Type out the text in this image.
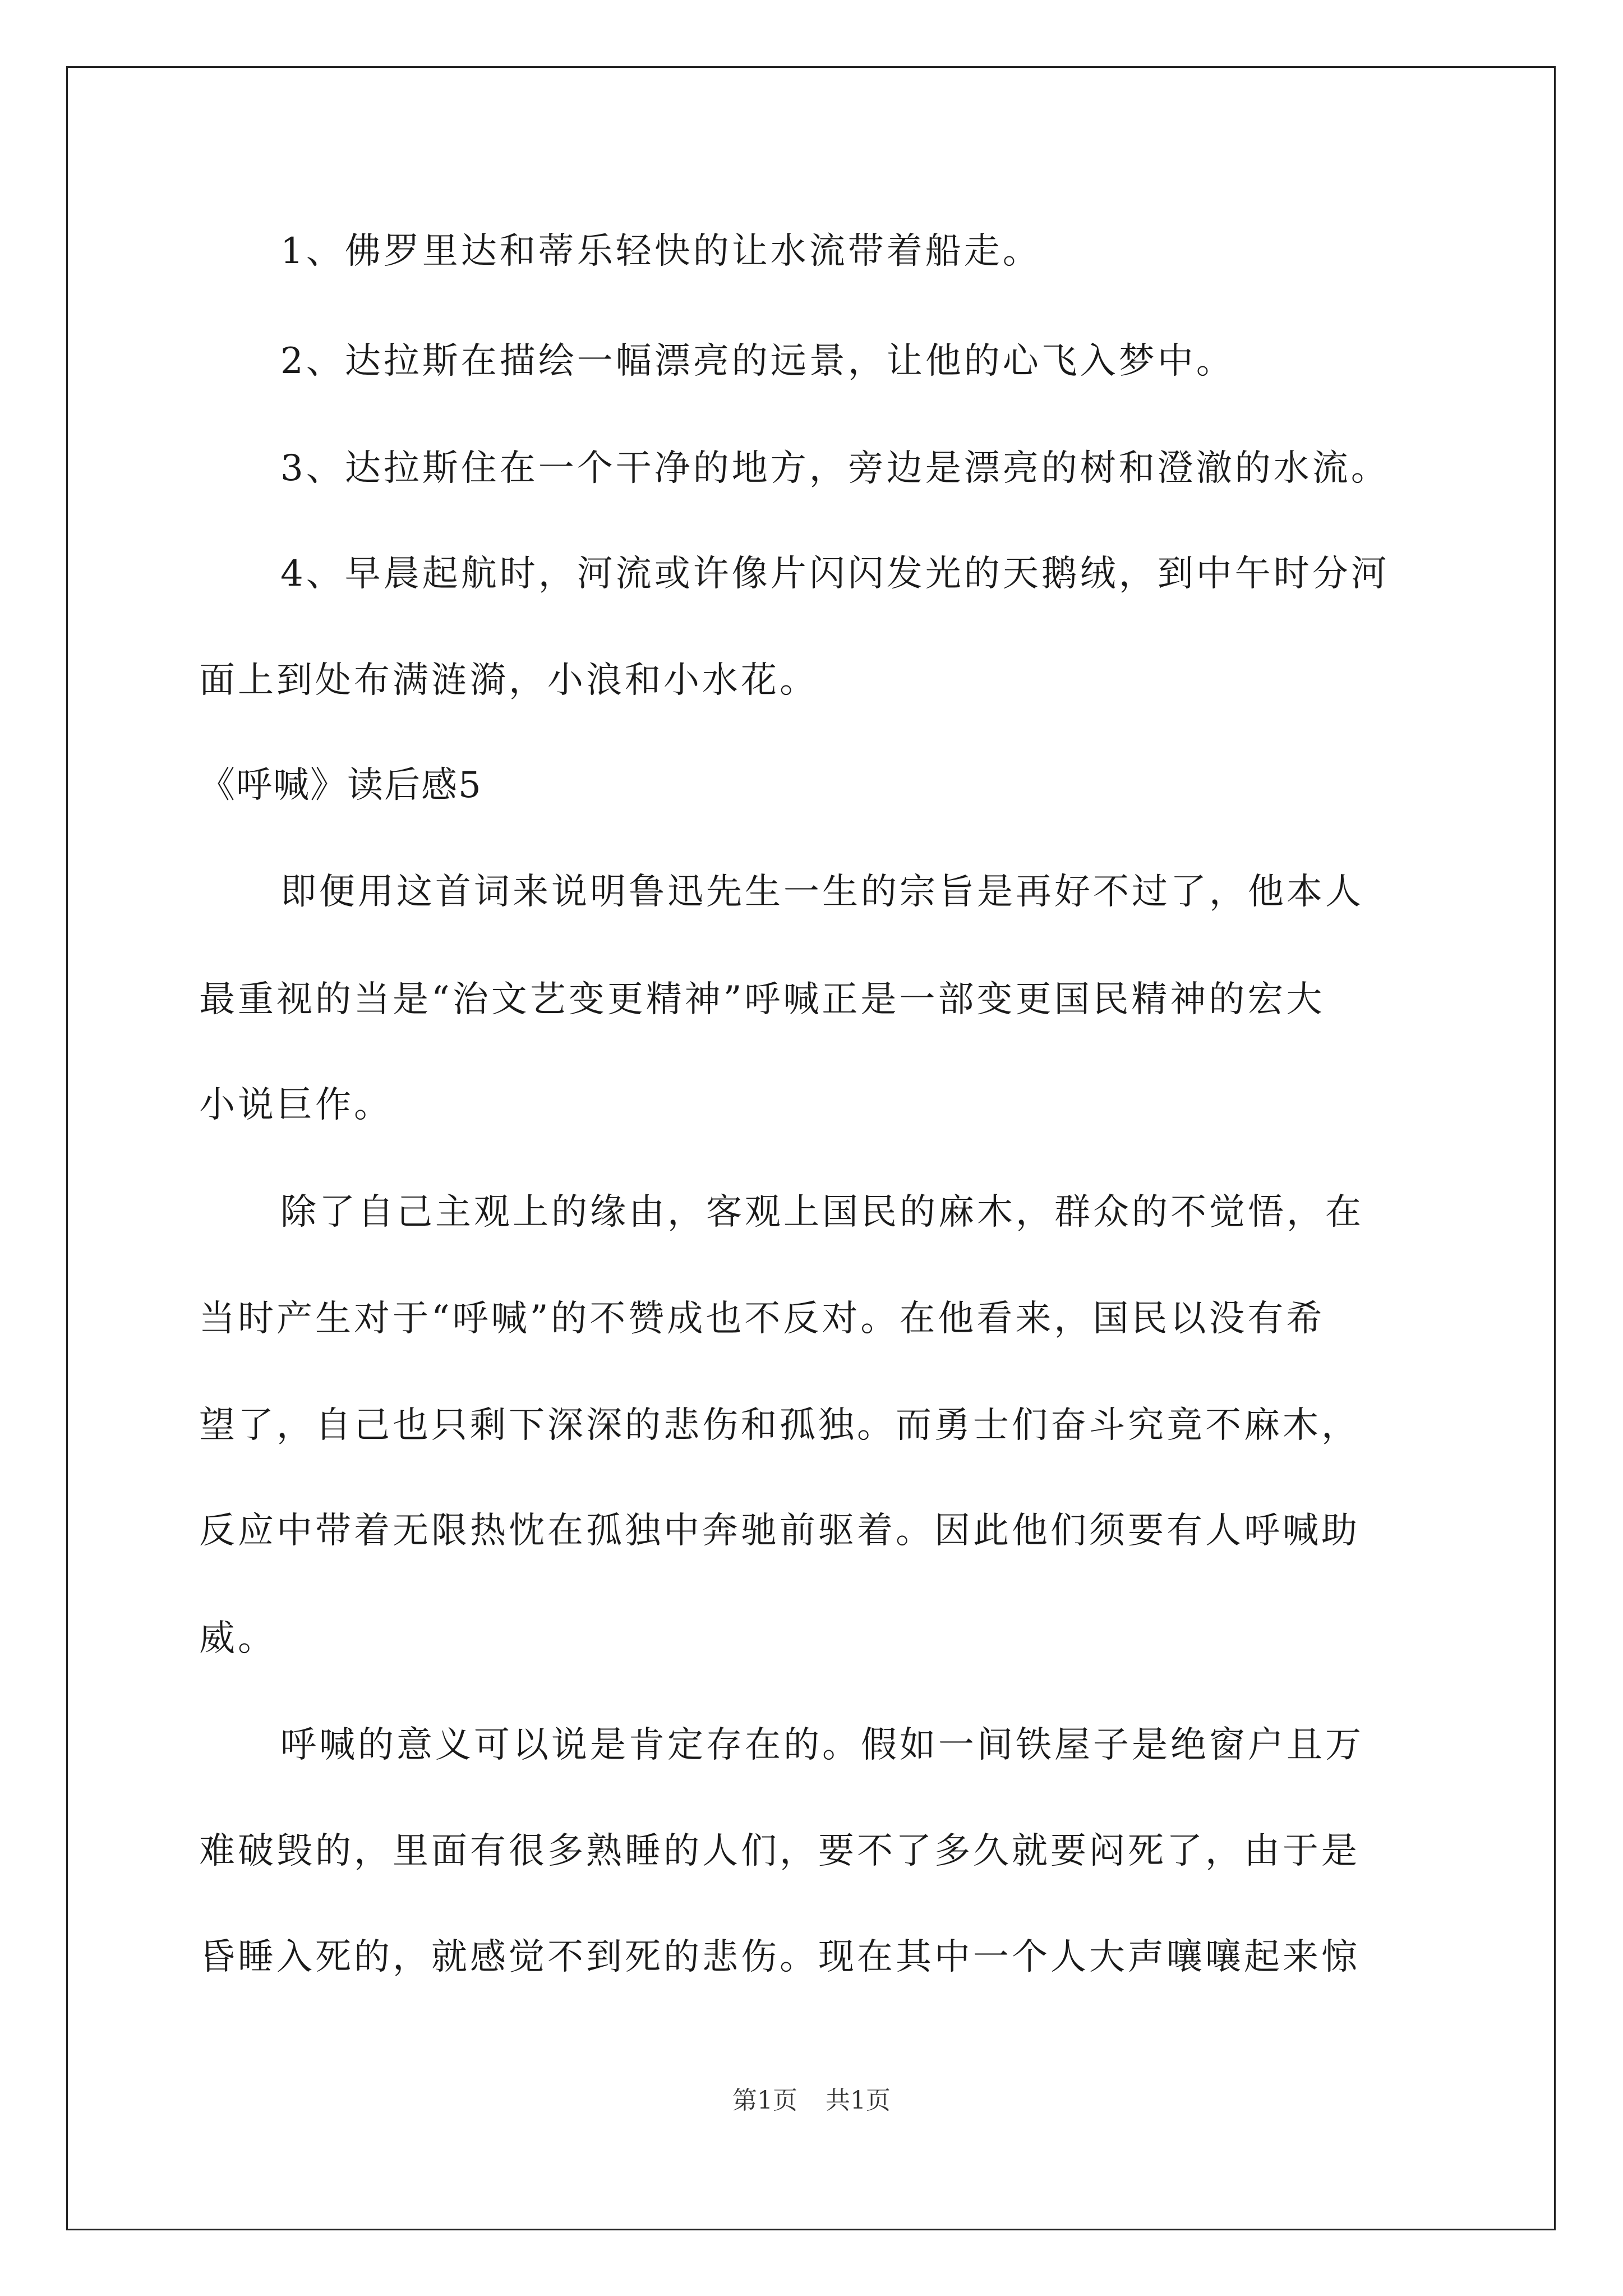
1、佛罗里达和蒂乐轻快的让水流带着船走。
2、达拉斯在描绘一幅漂亮的远景，让他的心飞入梦中。
3、达拉斯住在一个干净的地方，旁边是漂亮的树和澄澈的水流。
4、早晨起航时，河流或许像片闪闪发光的天鹅绒，到中午时分河
面上到处布满涟漪，小浪和小水花。
《呼喊》读后感5
即便用这首词来说明鲁迅先生一生的宗旨是再好不过了，他本人
最重视的当是“治文艺变更精神”呼喊正是一部变更国民精神的宏大
小说巨作。
除了自己主观上的缘由，客观上国民的麻木，群众的不觉悟，在
当时产生对于“呼喊”的不赞成也不反对。在他看来，国民以没有希
望了，自己也只剩下深深的悲伤和孤独。而勇士们奋斗究竟不麻木，
反应中带着无限热忱在孤独中奔驰前驱着。因此他们须要有人呼喊助
威。
呼喊的意义可以说是肯定存在的。假如一间铁屋子是绝窗户且万
难破毁的，里面有很多熟睡的人们，要不了多久就要闷死了，由于是
昏睡入死的，就感觉不到死的悲伤。现在其中一个人大声嚷嚷起来惊
第1页 共1页
